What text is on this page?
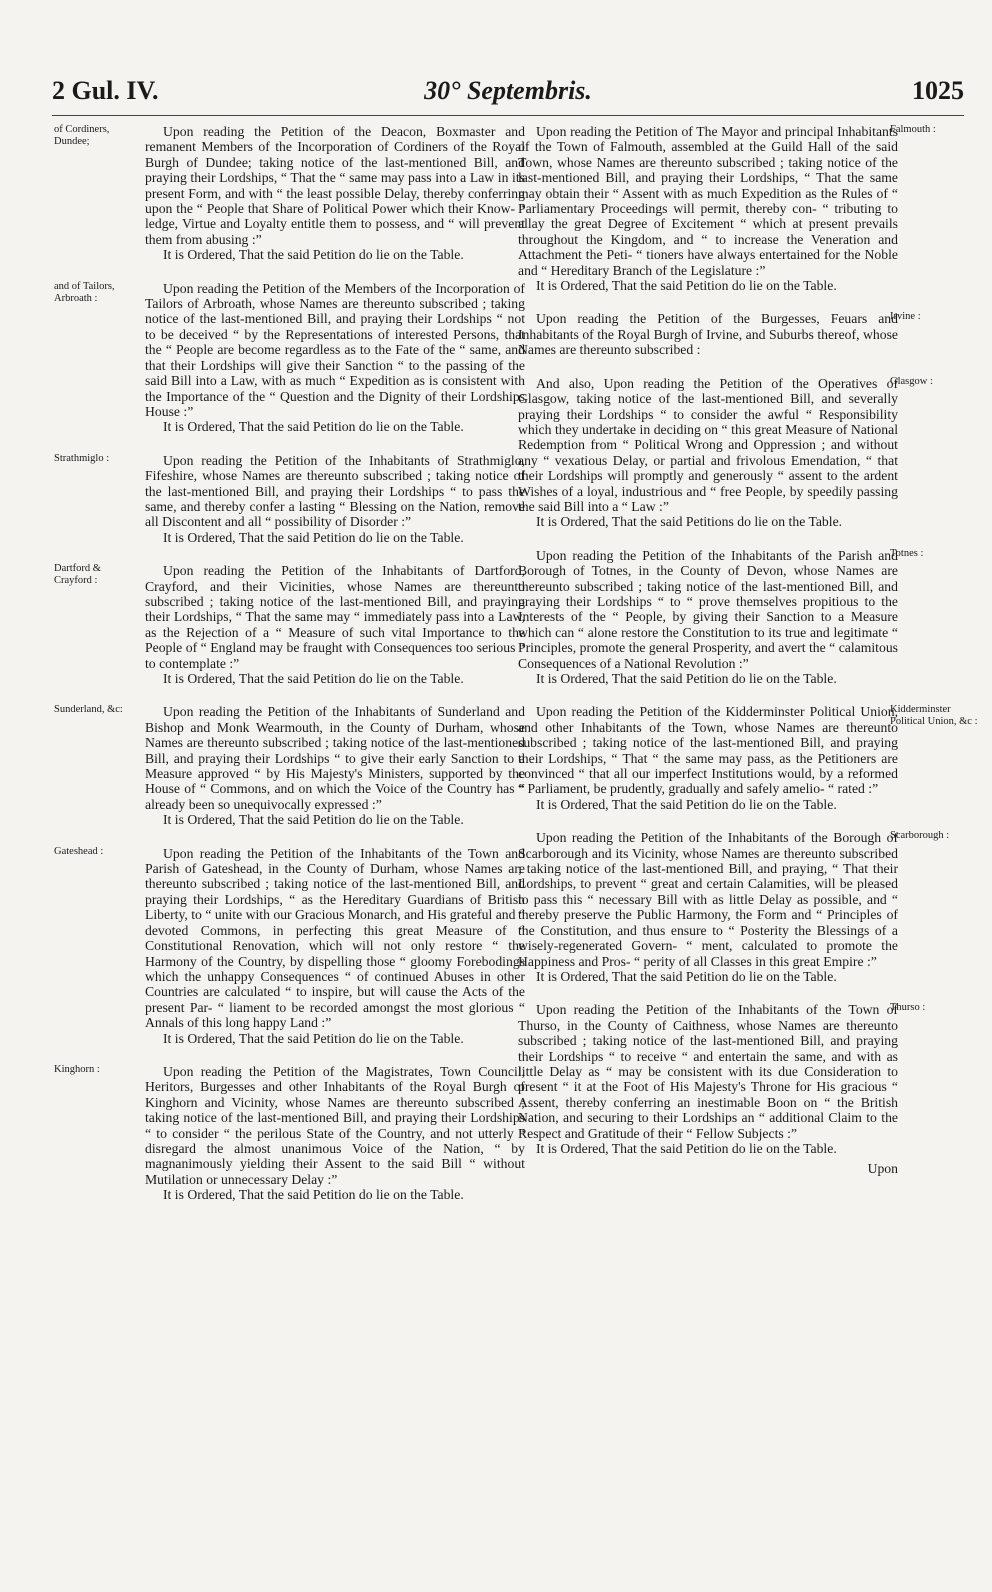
2 Gul. IV.	30° Septembris.	1025
of Cordiners, Dundee;

Upon reading the Petition of the Deacon, Boxmaster and remanent Members of the Incorporation of Cordiners of the Royal Burgh of Dundee; taking notice of the last-mentioned Bill, and praying their Lordships, “ That the “ same may pass into a Law in its present Form, and with “ the least possible Delay, thereby conferring upon the “ People that Share of Political Power which their Know- “ ledge, Virtue and Loyalty entitle them to possess, and “ will prevent them from abusing :”

It is Ordered, That the said Petition do lie on the Table.

and of Tailors, Arbroath :

Upon reading the Petition of the Members of the Incorporation of Tailors of Arbroath, whose Names are thereunto subscribed ; taking notice of the last-mentioned Bill, and praying their Lordships “ not to be deceived “ by the Representations of interested Persons, that the “ People are become regardless as to the Fate of the “ same, and that their Lordships will give their Sanction “ to the passing of the said Bill into a Law, with as much “ Expedition as is consistent with the Importance of the “ Question and the Dignity of their Lordships House :”

It is Ordered, That the said Petition do lie on the Table.

Strathmiglo :	Upon reading the Petition of the Inhabitants of Strathmiglo, Fifeshire, whose Names are thereunto subscribed ; taking notice of the last-mentioned Bill, and praying their Lordships “ to pass the same, and thereby confer a lasting “ Blessing on the Nation, remove all Discontent and all “ possibility of Disorder :”

It is Ordered, That the said Petition do lie on the Table.

Dartford & Crayford :

Upon reading the Petition of the Inhabitants of Dartford, Crayford, and their Vicinities, whose Names are thereunto subscribed ; taking notice of the last-mentioned Bill, and praying their Lordships, “ That the same may “ immediately pass into a Law, as the Rejection of a “ Measure of such vital Importance to the People of “ England may be fraught with Consequences too serious “ to contemplate :”

It is Ordered, That the said Petition do lie on the Table.

Sunderland, &c:	Upon reading the Petition of the Inhabitants of Sunderland and Bishop and Monk Wearmouth, in the County of Durham, whose Names are thereunto subscribed ; taking notice of the last-mentioned Bill, and praying their Lordships “ to give their early Sanction to a Measure approved “ by His Majesty's Ministers, supported by the House of “ Commons, and on which the Voice of the Country has “ already been so unequivocally expressed :”

It is Ordered, That the said Petition do lie on the Table.

Gateshead :	Upon reading the Petition of the Inhabitants of the Town and Parish of Gateshead, in the County of Durham, whose Names are thereunto subscribed ; taking notice of the last-mentioned Bill, and praying their Lordships, “ as the Hereditary Guardians of British Liberty, to “ unite with our Gracious Monarch, and His grateful and “ devoted Commons, in perfecting this great Measure of “ Constitutional Renovation, which will not only restore “ the Harmony of the Country, by dispelling those “ gloomy Forebodings which the unhappy Consequences “ of continued Abuses in other Countries are calculated “ to inspire, but will cause the Acts of the present Par- “ liament to be recorded amongst the most glorious “ Annals of this long happy Land :”

It is Ordered, That the said Petition do lie on the Table.

Kinghorn :	Upon reading the Petition of the Magistrates, Town Council, Heritors, Burgesses and other Inhabitants of the Royal Burgh of Kinghorn and Vicinity, whose Names are thereunto subscribed ; taking notice of the last-mentioned Bill, and praying their Lordships “ to consider “ the perilous State of the Country, and not utterly “ disregard the almost unanimous Voice of the Nation, “ by magnanimously yielding their Assent to the said Bill “ without Mutilation or unnecessary Delay :”

It is Ordered, That the said Petition do lie on the Table.

Falmouth :

Upon reading the Petition of The Mayor and principal Inhabitants of the Town of Falmouth, assembled at the Guild Hall of the said Town, whose Names are thereunto subscribed ; taking notice of the last-mentioned Bill, and praying their Lordships, “ That the same may obtain their “ Assent with as much Expedition as the Rules of “ Parliamentary Proceedings will permit, thereby con- “ tributing to allay the great Degree of Excitement “ which at present prevails throughout the Kingdom, and “ to increase the Veneration and Attachment the Peti- “ tioners have always entertained for the Noble and “ Hereditary Branch of the Legislature :”

It is Ordered, That the said Petition do lie on the Table.

Irvine :

Upon reading the Petition of the Burgesses, Feuars and Inhabitants of the Royal Burgh of Irvine, and Suburbs thereof, whose Names are thereunto subscribed :

Glasgow :

And also, Upon reading the Petition of the Operatives of Glasgow, taking notice of the last-mentioned Bill, and severally praying their Lordships “ to consider the awful “ Responsibility which they undertake in deciding on “ this great Measure of National Redemption from “ Political Wrong and Oppression ; and without any “ vexatious Delay, or partial and frivolous Emendation, “ that their Lordships will promptly and generously “ assent to the ardent Wishes of a loyal, industrious and “ free People, by speedily passing the said Bill into a “ Law :”

It is Ordered, That the said Petitions do lie on the Table.

Totnes :

Upon reading the Petition of the Inhabitants of the Parish and Borough of Totnes, in the County of Devon, whose Names are thereunto subscribed ; taking notice of the last-mentioned Bill, and praying their Lordships “ to “ prove themselves propitious to the Interests of the “ People, by giving their Sanction to a Measure which can “ alone restore the Constitution to its true and legitimate “ Principles, promote the general Prosperity, and avert the “ calamitous Consequences of a National Revolution :”

It is Ordered, That the said Petition do lie on the Table.

Kidderminster Political Union, &c :

Upon reading the Petition of the Kidderminster Political Union, and other Inhabitants of the Town, whose Names are thereunto subscribed ; taking notice of the last-mentioned Bill, and praying their Lordships, “ That “ the same may pass, as the Petitioners are convinced “ that all our imperfect Institutions would, by a reformed “ Parliament, be prudently, gradually and safely amelio- “ rated :”

It is Ordered, That the said Petition do lie on the Table.

Scarborough :

Upon reading the Petition of the Inhabitants of the Borough of Scarborough and its Vicinity, whose Names are thereunto subscribed ; taking notice of the last-mentioned Bill, and praying, “ That their Lordships, to prevent “ great and certain Calamities, will be pleased to pass this “ necessary Bill with as little Delay as possible, and “ thereby preserve the Public Harmony, the Form and “ Principles of the Constitution, and thus ensure to “ Posterity the Blessings of a wisely-regenerated Govern- “ ment, calculated to promote the Happiness and Pros- “ perity of all Classes in this great Empire :”

It is Ordered, That the said Petition do lie on the Table.

Thurso :

Upon reading the Petition of the Inhabitants of the Town of Thurso, in the County of Caithness, whose Names are thereunto subscribed ; taking notice of the last-mentioned Bill, and praying their Lordships “ to receive “ and entertain the same, and with as little Delay as “ may be consistent with its due Consideration to present “ it at the Foot of His Majesty's Throne for His gracious “ Assent, thereby conferring an inestimable Boon on “ the British Nation, and securing to their Lordships an “ additional Claim to the Respect and Gratitude of their “ Fellow Subjects :”

It is Ordered, That the said Petition do lie on the Table.

Upon
